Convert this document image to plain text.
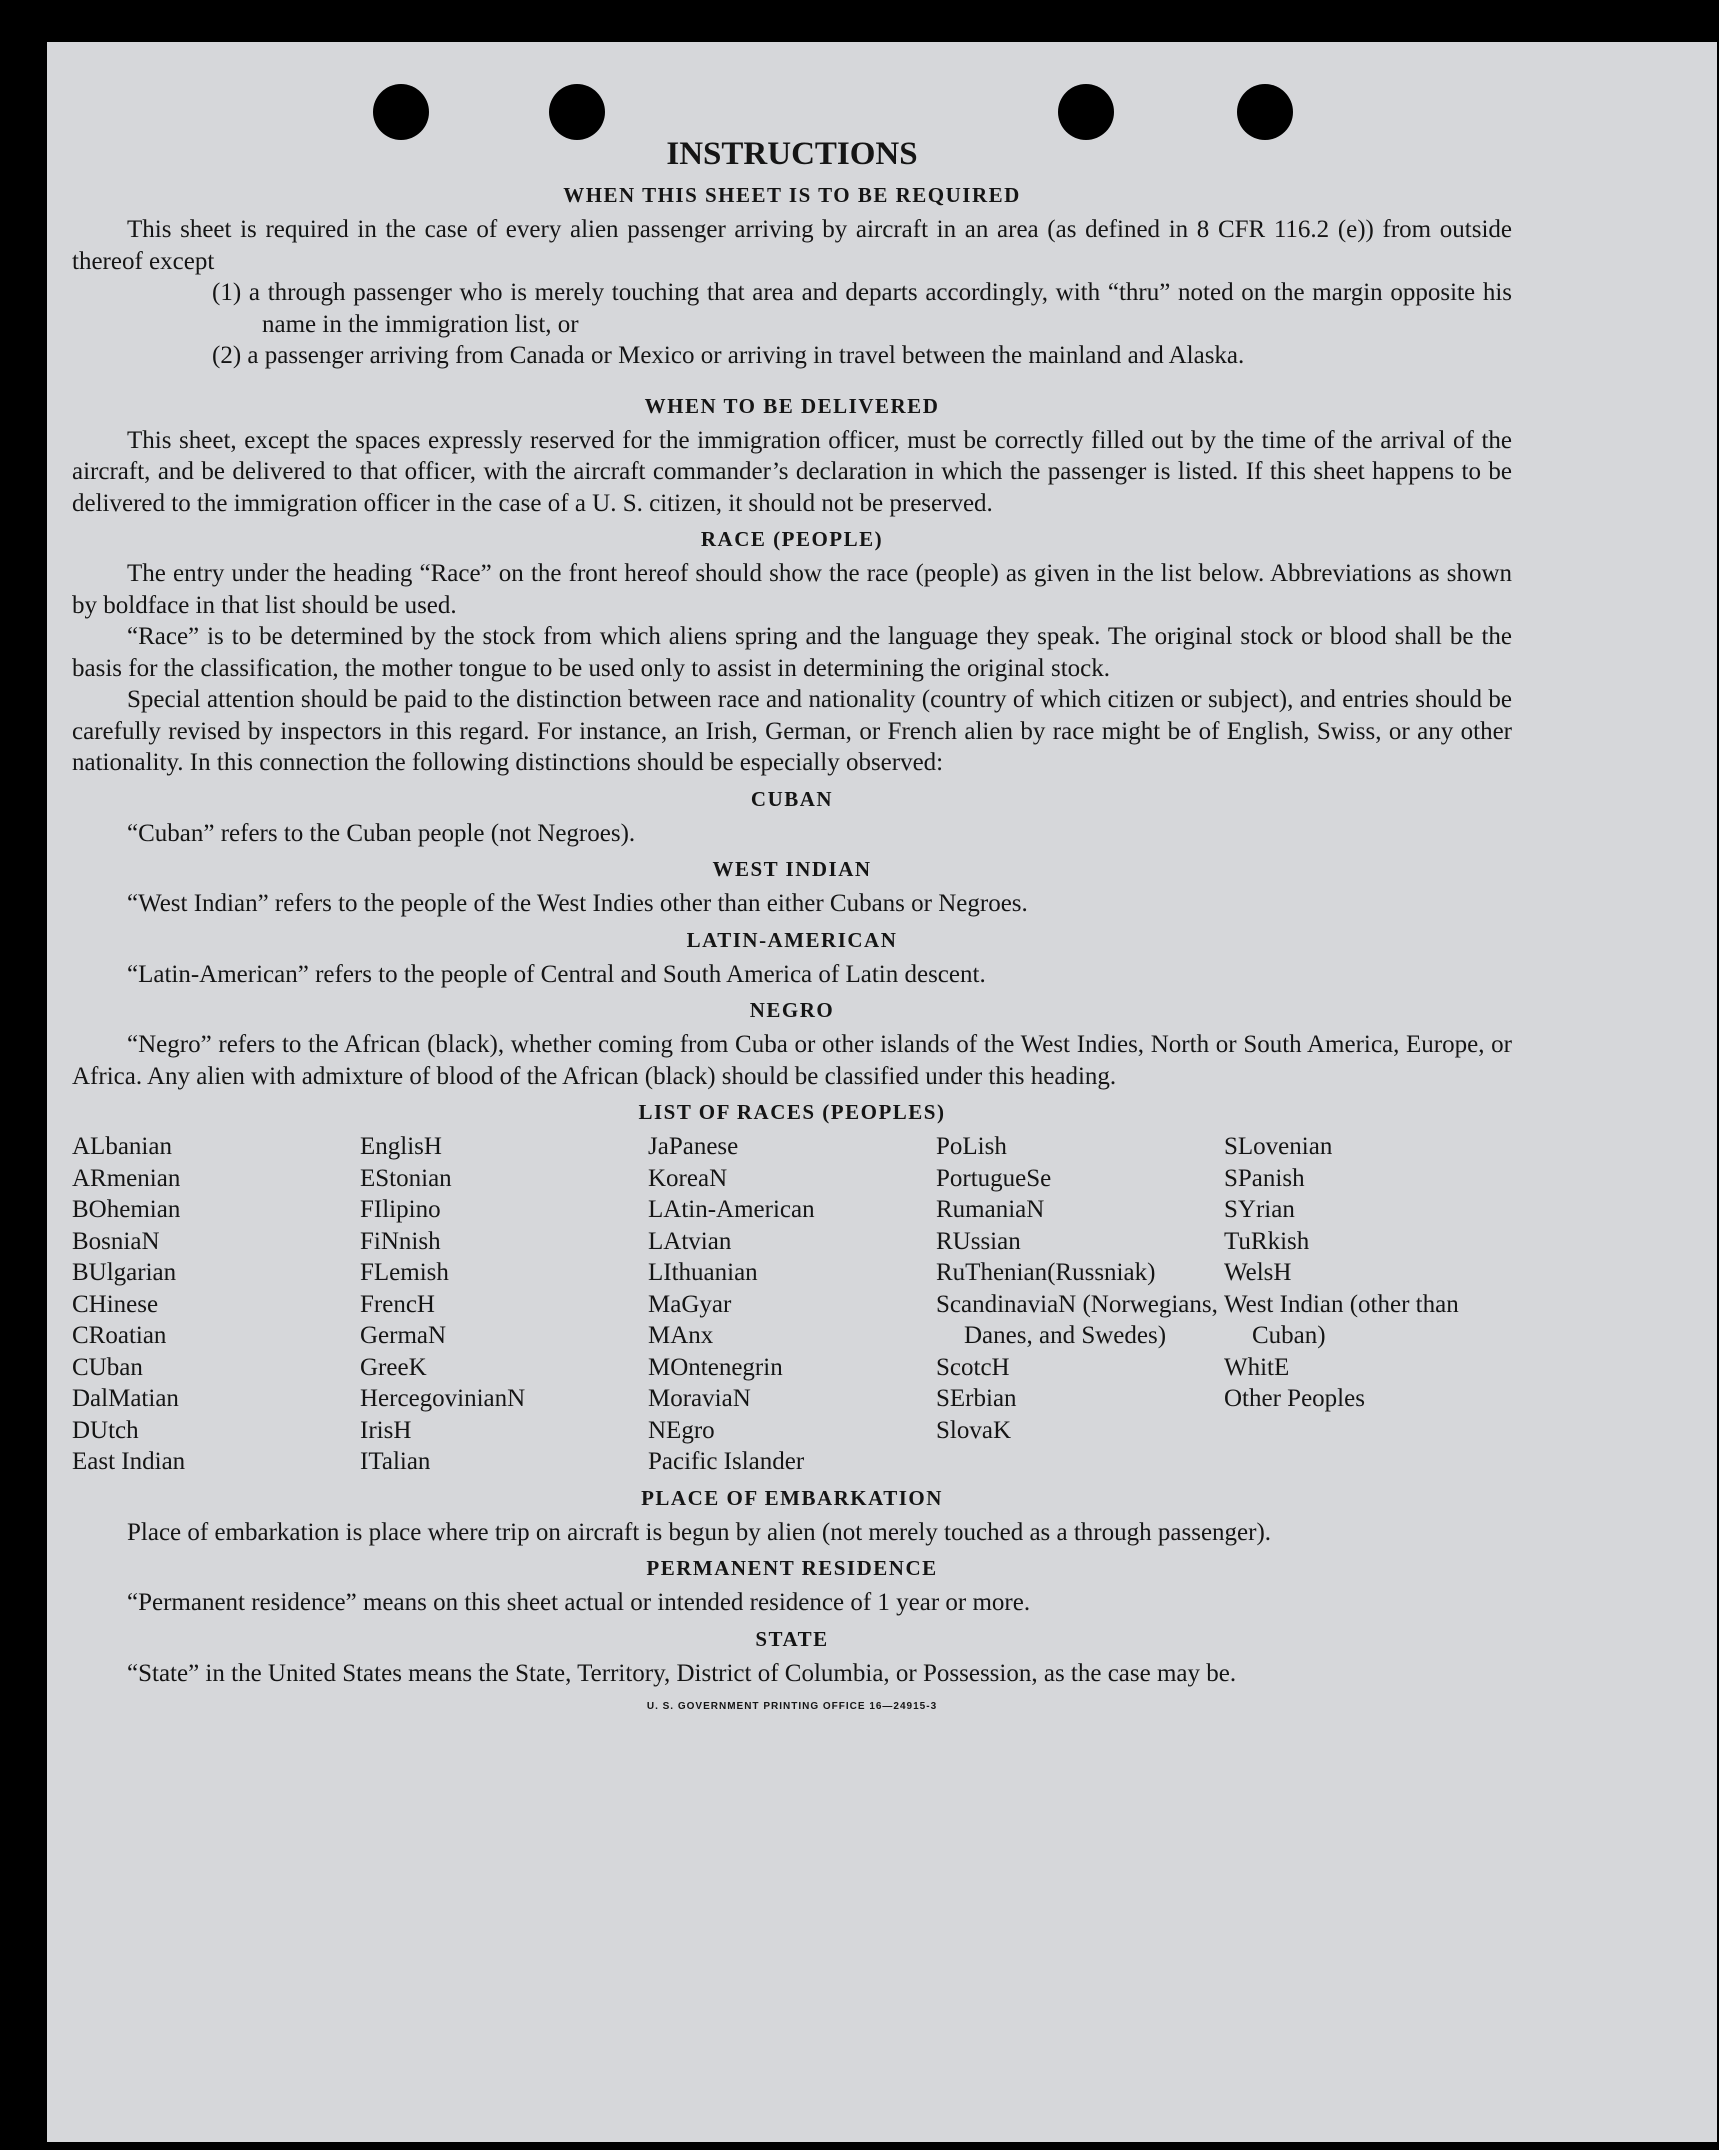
INSTRUCTIONS
WHEN THIS SHEET IS TO BE REQUIRED

This sheet is required in the case of every alien passenger arriving by aircraft in an area (as defined in 8 CFR 116.2 (e)) from outside thereof except

(1) a through passenger who is merely touching that area and departs accordingly, with “thru” noted on the margin opposite his name in the immigration list, or

(2) a passenger arriving from Canada or Mexico or arriving in travel between the mainland and Alaska.

WHEN TO BE DELIVERED

This sheet, except the spaces expressly reserved for the immigration officer, must be correctly filled out by the time of the arrival of the aircraft, and be delivered to that officer, with the aircraft commander’s declaration in which the passenger is listed. If this sheet happens to be delivered to the immigration officer in the case of a U. S. citizen, it should not be preserved.

RACE (PEOPLE)

The entry under the heading “Race” on the front hereof should show the race (people) as given in the list below. Abbreviations as shown by boldface in that list should be used.

“Race” is to be determined by the stock from which aliens spring and the language they speak. The original stock or blood shall be the basis for the classification, the mother tongue to be used only to assist in determining the original stock.

Special attention should be paid to the distinction between race and nationality (country of which citizen or subject), and entries should be carefully revised by inspectors in this regard. For instance, an Irish, German, or French alien by race might be of English, Swiss, or any other nationality. In this connection the following distinctions should be especially observed:

CUBAN

“Cuban” refers to the Cuban people (not Negroes).

WEST INDIAN

“West Indian” refers to the people of the West Indies other than either Cubans or Negroes.

LATIN-AMERICAN

“Latin-American” refers to the people of Central and South America of Latin descent.

NEGRO

“Negro” refers to the African (black), whether coming from Cuba or other islands of the West Indies, North or South America, Europe, or Africa. Any alien with admixture of blood of the African (black) should be classified under this heading.

LIST OF RACES (PEOPLES)
ALbanian
ARmenian
BOhemian
BosniaN
BUlgarian
CHinese
CRoatian
CUban
DalMatian
DUtch
East Indian
EnglisH
EStonian
FIlipino
FiNnish
FLemish
FrencH
GermaN
GreeK
HercegovinianN
IrisH
ITalian
JaPanese
KoreaN
LAtin-American
LAtvian
LIthuanian
MaGyar
MAnx
MOntenegrin
MoraviaN
NEgro
Pacific Islander
PoLish
PortugueSe
RumaniaN
RUssian
RuThenian(Russniak)
ScandinaviaN (Norwegians, Danes, and Swedes)
ScotcH
SErbian
SlovaK
SLovenian
SPanish
SYrian
TuRkish
WelsH
West Indian (other than Cuban)
WhitE
Other Peoples
PLACE OF EMBARKATION

Place of embarkation is place where trip on aircraft is begun by alien (not merely touched as a through passenger).

PERMANENT RESIDENCE

“Permanent residence” means on this sheet actual or intended residence of 1 year or more.

STATE

“State” in the United States means the State, Territory, District of Columbia, or Possession, as the case may be.

U. S. GOVERNMENT PRINTING OFFICE 16—24915-3
